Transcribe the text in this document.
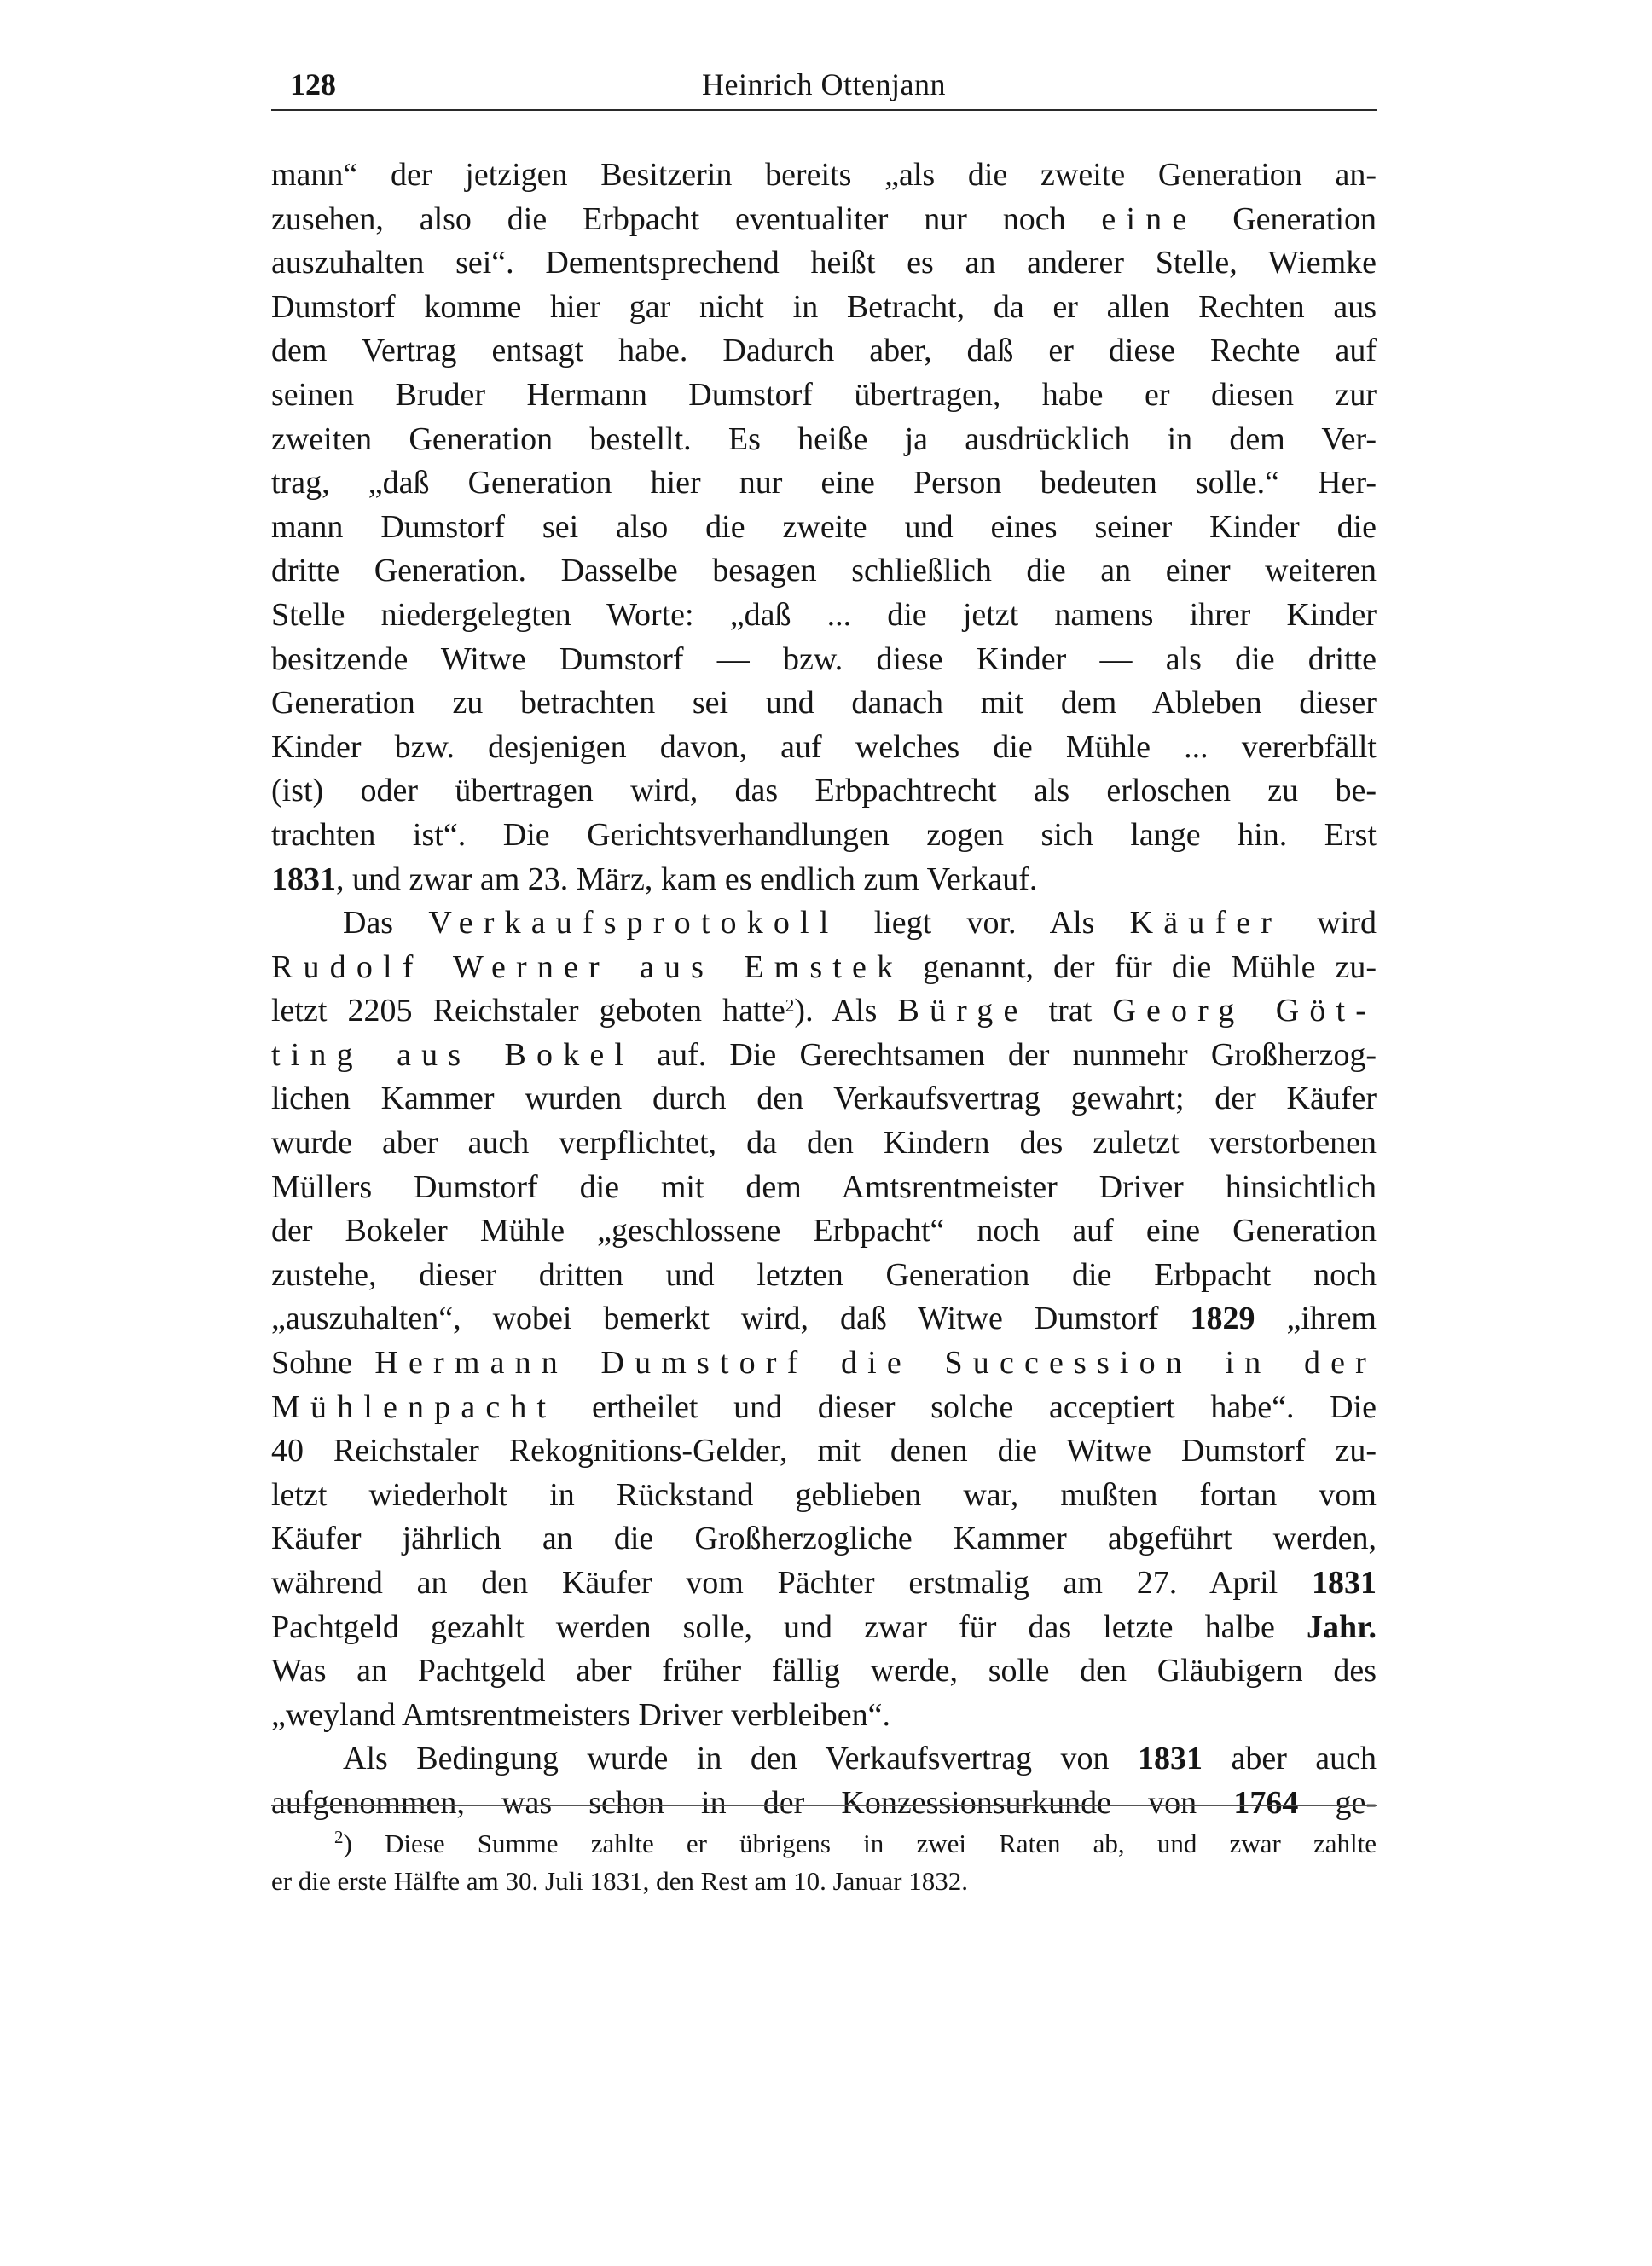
128	Heinrich Ottenjann
mann“ der jetzigen Besitzerin bereits „als die zweite Generation an-
zusehen, also die Erbpacht eventualiter nur noch eine Generation
auszuhalten sei“. Dementsprechend heißt es an anderer Stelle, Wiemke
Dumstorf komme hier gar nicht in Betracht, da er allen Rechten aus
dem Vertrag entsagt habe. Dadurch aber, daß er diese Rechte auf
seinen Bruder Hermann Dumstorf übertragen, habe er diesen zur
zweiten Generation bestellt. Es heiße ja ausdrücklich in dem Ver-
trag, „daß Generation hier nur eine Person bedeuten solle.“ Her-
mann Dumstorf sei also die zweite und eines seiner Kinder die
dritte Generation. Dasselbe besagen schließlich die an einer weiteren
Stelle niedergelegten Worte: „daß ... die jetzt namens ihrer Kinder
besitzende Witwe Dumstorf — bzw. diese Kinder — als die dritte
Generation zu betrachten sei und danach mit dem Ableben dieser
Kinder bzw. desjenigen davon, auf welches die Mühle ... vererbfällt
(ist) oder übertragen wird, das Erbpachtrecht als erloschen zu be-
trachten ist“. Die Gerichtsverhandlungen zogen sich lange hin. Erst
1831, und zwar am 23. März, kam es endlich zum Verkauf.
Das Verkaufsprotokoll liegt vor. Als Käufer wird
Rudolf Werner aus Emstek genannt, der für die Mühle zu-
letzt 2205 Reichstaler geboten hatte$^2$). Als Bürge trat Georg Göt-
ting aus Bokel auf. Die Gerechtsamen der nunmehr Großherzog-
lichen Kammer wurden durch den Verkaufsvertrag gewahrt; der Käufer
wurde aber auch verpflichtet, da den Kindern des zuletzt verstorbenen
Müllers Dumstorf die mit dem Amtsrentmeister Driver hinsichtlich
der Bokeler Mühle „geschlossene Erbpacht“ noch auf eine Generation
zustehe, dieser dritten und letzten Generation die Erbpacht noch
„auszuhalten“, wobei bemerkt wird, daß Witwe Dumstorf 1829 „ihrem
Sohne Hermann Dumstorf die Succession in der
Mühlenpacht ertheilet und dieser solche acceptiert habe“. Die
40 Reichstaler Rekognitions-Gelder, mit denen die Witwe Dumstorf zu-
letzt wiederholt in Rückstand geblieben war, mußten fortan vom
Käufer jährlich an die Großherzogliche Kammer abgeführt werden,
während an den Käufer vom Pächter erstmalig am 27. April 1831
Pachtgeld gezahlt werden solle, und zwar für das letzte halbe Jahr.
Was an Pachtgeld aber früher fällig werde, solle den Gläubigern des
„weyland Amtsrentmeisters Driver verbleiben“.
Als Bedingung wurde in den Verkaufsvertrag von 1831 aber auch
aufgenommen, was schon in der Konzessionsurkunde von 1764 ge-
$^2$) Diese Summe zahlte er übrigens in zwei Raten ab, und zwar zahlte
er die erste Hälfte am 30. Juli 1831, den Rest am 10. Januar 1832.
